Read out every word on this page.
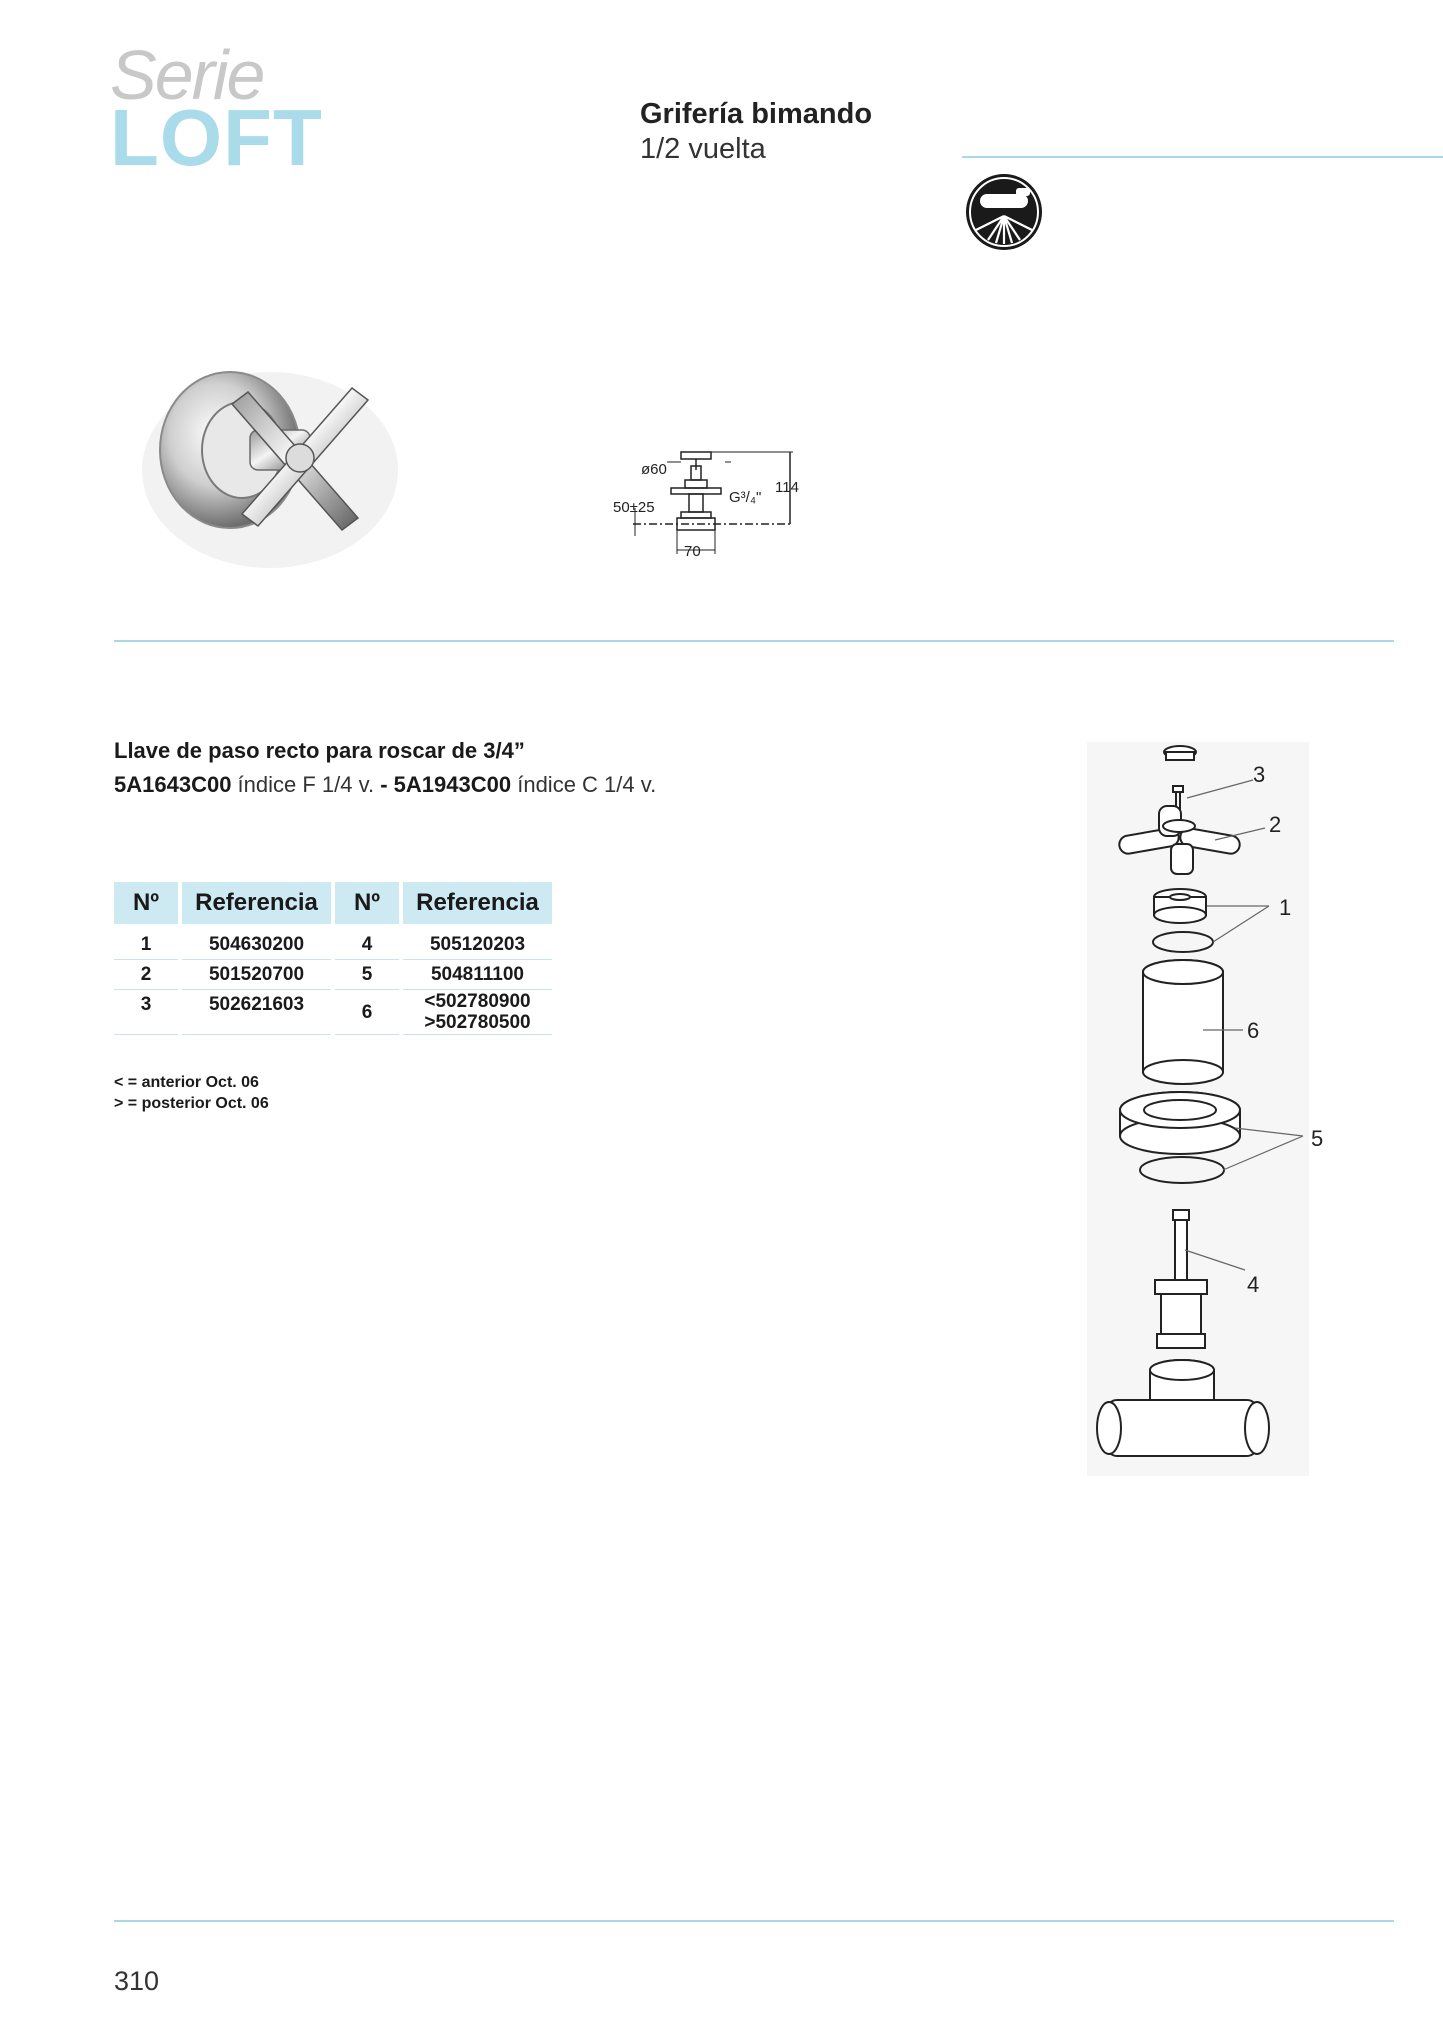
Serie
LOFT	Grifería bimando
1/2 vuelta
ø60
50±25
G³/₄"
114
70
Llave de paso recto para roscar de 3/4”
5A1643C00 índice F 1/4 v. - 5A1943C00 índice C 1/4 v.
Nº	Referencia	Nº	Referencia
1	504630200	4	505120203
2	501520700	5	504811100
3	502621603	6	<502780900
>502780500
< = anterior Oct. 06
> = posterior Oct. 06
3
2
1
6
5
4
310
